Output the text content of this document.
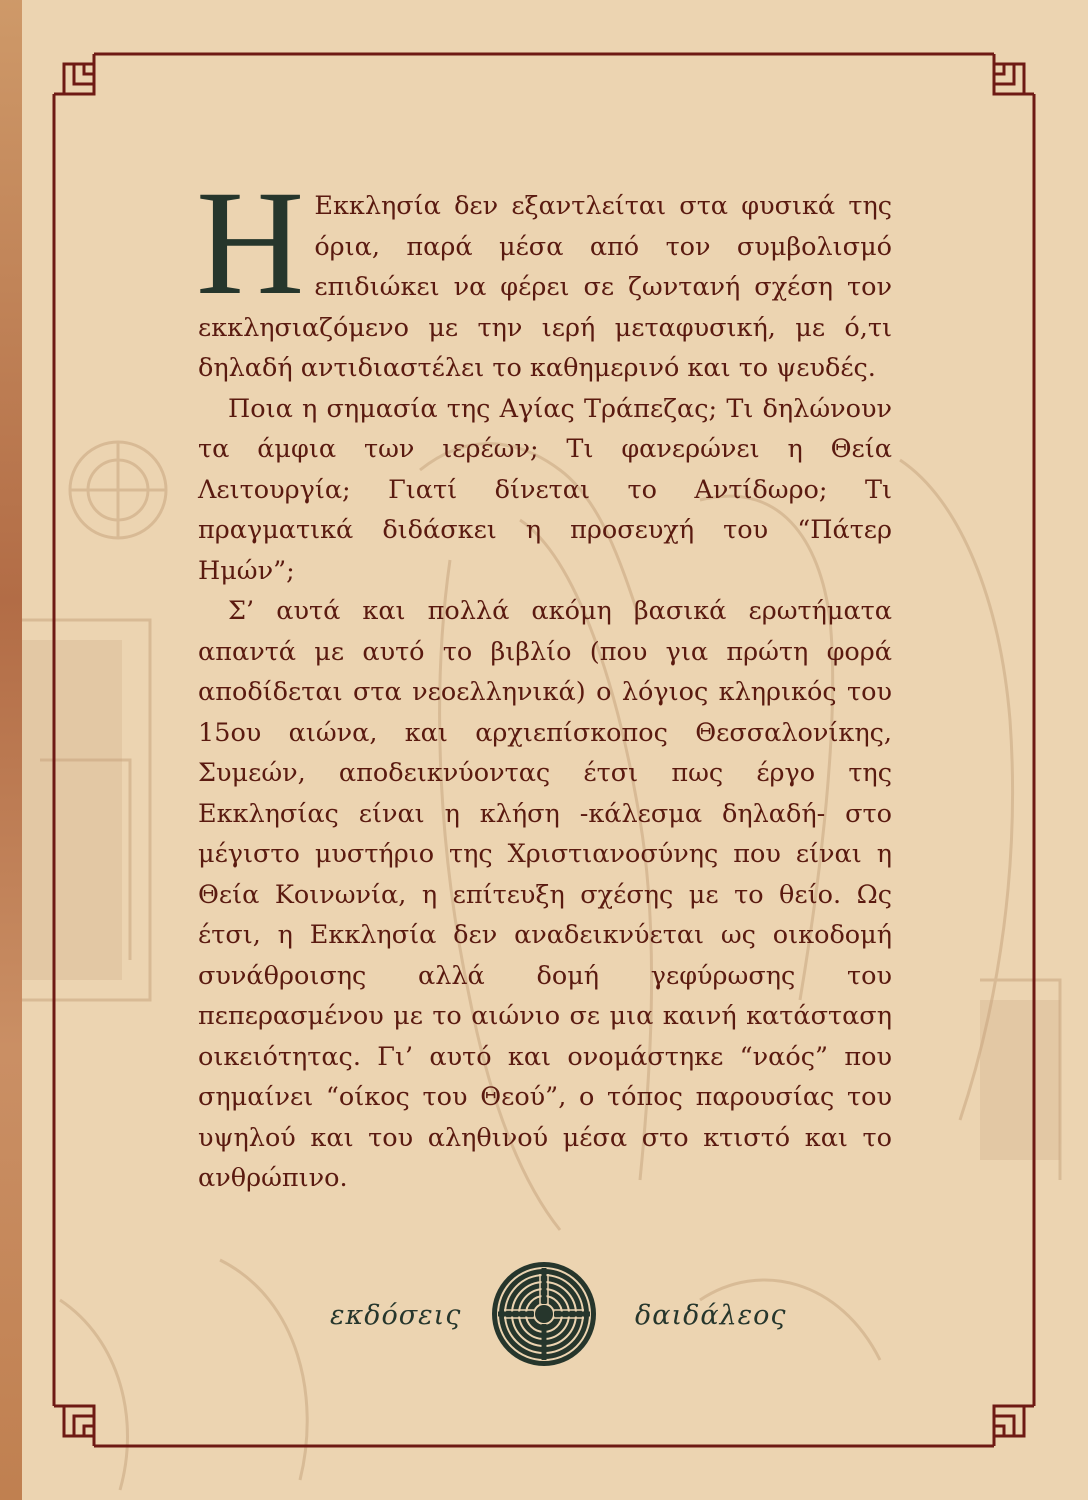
Η Εκκλησία δεν εξαντλείται στα φυσικά της όρια, παρά μέσα από τον συμβολισμό επιδιώκει να φέρει σε ζωντανή σχέση τον εκκλησιαζόμενο με την ιερή μεταφυσική, με ό,τι δηλαδή αντιδιαστέλει το καθημερινό και το ψευδές.

Ποια η σημασία της Αγίας Τράπεζας; Τι δηλώνουν τα άμφια των ιερέων; Τι φανερώνει η Θεία Λειτουργία; Γιατί δίνεται το Αντίδωρο; Τι πραγματικά διδάσκει η προσευχή του “Πάτερ Ημών”;

Σ’ αυτά και πολλά ακόμη βασικά ερωτήματα απαντά με αυτό το βιβλίο (που για πρώτη φορά αποδίδεται στα νεοελληνικά) ο λόγιος κληρικός του 15ου αιώνα, και αρχιεπίσκοπος Θεσσαλονίκης, Συμεών, αποδεικνύοντας έτσι πως έργο της Εκκλησίας είναι η κλήση -κάλεσμα δηλαδή- στο μέγιστο μυστήριο της Χριστιανοσύνης που είναι η Θεία Κοινωνία, η επίτευξη σχέσης με το θείο. Ως έτσι, η Εκκλησία δεν αναδεικνύεται ως οικοδομή συνάθροισης αλλά δομή γεφύρωσης του πεπερασμένου με το αιώνιο σε μια καινή κατάσταση οικειότητας. Γι’ αυτό και ονομάστηκε “ναός” που σημαίνει “οίκος του Θεού”, ο τόπος παρουσίας του υψηλού και του αληθινού μέσα στο κτιστό και το ανθρώπινο.

εκδόσεις	δαιδάλεος
